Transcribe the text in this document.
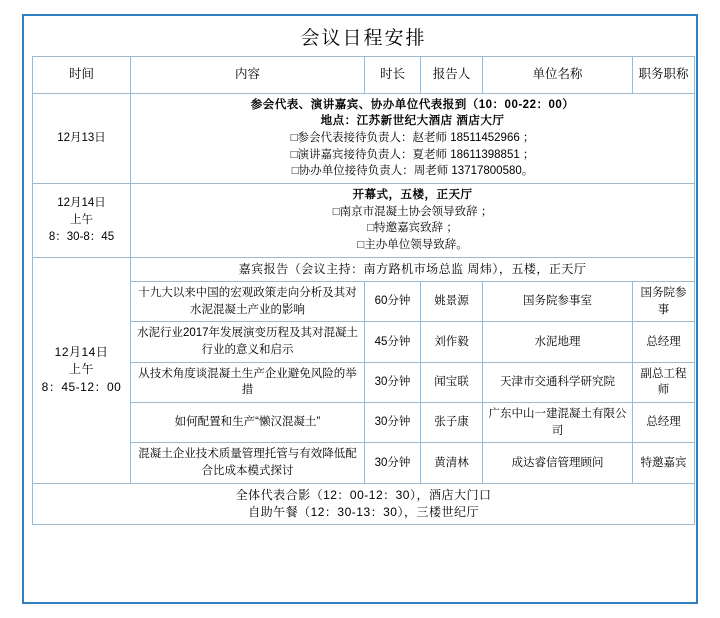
会议日程安排					
时间	内容	时长	报告人	单位名称	职务职称
12月13日	参会代表、演讲嘉宾、协办单位代表报到（10：00-22：00）
地点：江苏新世纪大酒店 酒店大厅
□参会代表接待负责人：赵老师 18511452966 ；
□演讲嘉宾接待负责人：夏老师 18611398851 ；
□协办单位接待负责人：周老师 13717800580。				

12月14日
上午
8：30-8：45	开幕式，五楼，正天厅
□南京市混凝土协会领导致辞 ；
□特邀嘉宾致辞 ；
□主办单位领导致辞。				

12月14日
上午
8：45-12：00	嘉宾报告（会议主持：南方路机市场总监 周炜），五楼，正天厅				
	十九大以来中国的宏观政策走向分析及其对水泥混凝土产业的影响	60分钟	姚景源	国务院参事室	国务院参事
	水泥行业2017年发展演变历程及其对混凝土行业的意义和启示	45分钟	刘作毅	水泥地理	总经理
	从技术角度谈混凝土生产企业避免风险的举措	30分钟	闻宝联	天津市交通科学研究院	副总工程师
	如何配置和生产“懒汉混凝土”	30分钟	张子康	广东中山一建混凝土有限公司	总经理
	混凝土企业技术质量管理托管与有效降低配合比成本模式探讨	30分钟	黄清林	成达睿信管理顾问	特邀嘉宾

全体代表合影（12：00-12：30），酒店大门口
自助午餐（12：30-13：30），三楼世纪厅					
